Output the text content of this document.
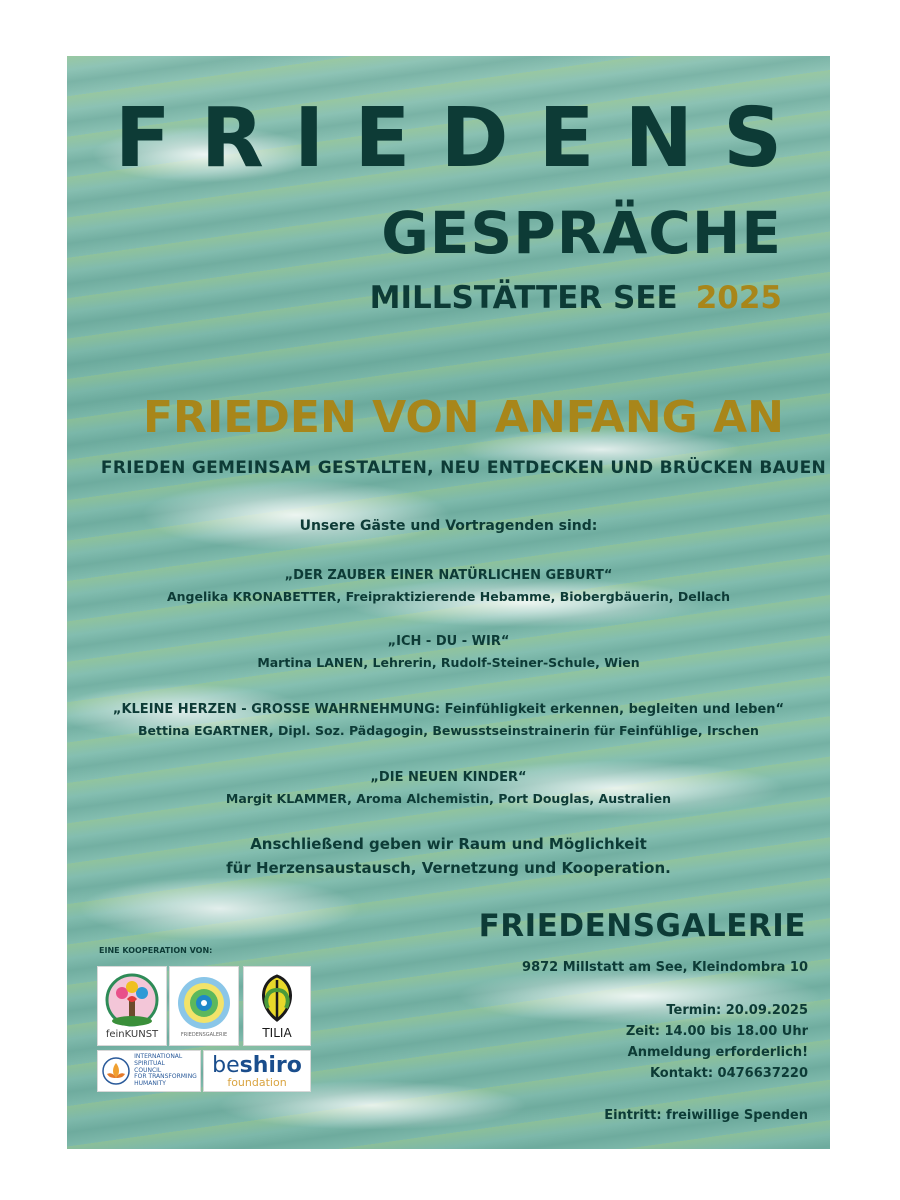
FRIEDENS
GESPRÄCHE
MILLSTÄTTER SEE 2025
FRIEDEN VON ANFANG AN
FRIEDEN GEMEINSAM GESTALTEN, NEU ENTDECKEN UND BRÜCKEN BAUEN
Unsere Gäste und Vortragenden sind:
„DER ZAUBER EINER NATÜRLICHEN GEBURT“
Angelika KRONABETTER, Freipraktizierende Hebamme, Biobergbäuerin, Dellach
„ICH - DU - WIR“
Martina LANEN, Lehrerin, Rudolf-Steiner-Schule, Wien
„KLEINE HERZEN - GROSSE WAHRNEHMUNG: Feinfühligkeit erkennen, begleiten und leben“
Bettina EGARTNER, Dipl. Soz. Pädagogin, Bewusstseinstrainerin für Feinfühlige, Irschen
„DIE NEUEN KINDER“
Margit KLAMMER, Aroma Alchemistin, Port Douglas, Australien
Anschließend geben wir Raum und Möglichkeit
für Herzensaustausch, Vernetzung und Kooperation.
FRIEDENSGALERIE
9872 Millstatt am See, Kleindombra 10
Termin: 20.09.2025
Zeit: 14.00 bis 18.00 Uhr
Anmeldung erforderlich!
Kontakt: 0476637220
Eintritt: freiwillige Spenden
EINE KOOPERATION VON:
feinKUNST	FRIEDENSGALERIE	TILIA
INTERNATIONAL
SPIRITUAL
COUNCIL
FOR TRANSFORMING
HUMANITY
beshiro
foundation
